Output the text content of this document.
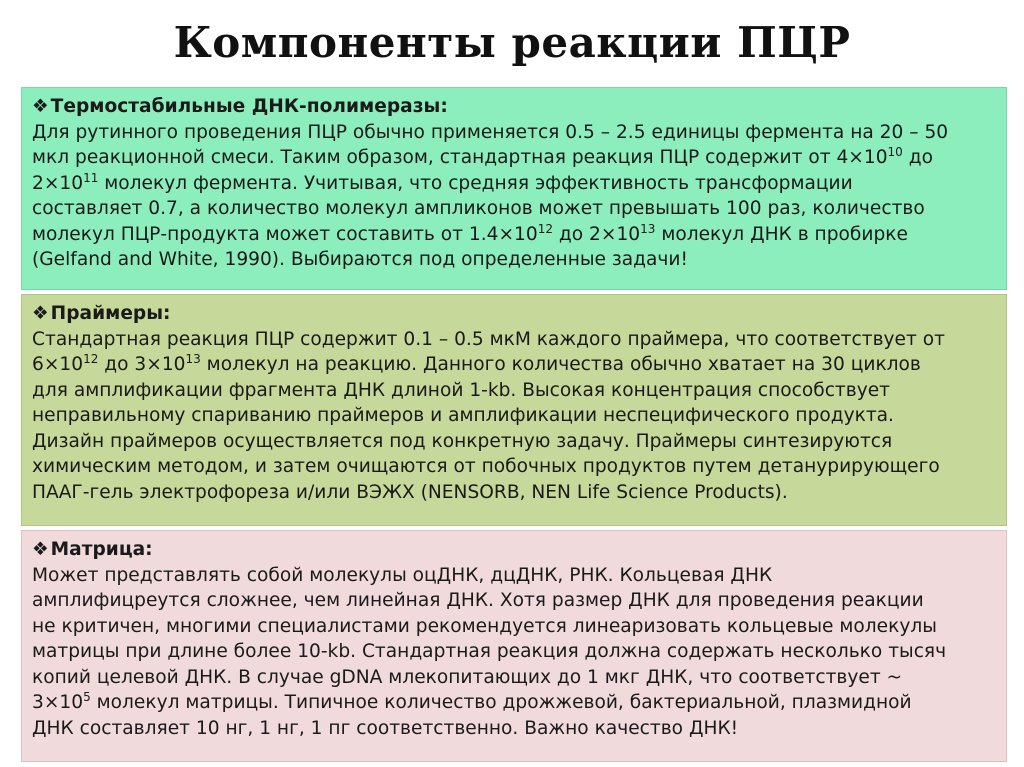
Компоненты реакции ПЦР
❖ Термостабильные ДНК-полимеразы:
Для рутинного проведения ПЦР обычно применяется 0.5 – 2.5 единицы фермента на 20 – 50
мкл реакционной смеси. Таким образом, стандартная реакция ПЦР содержит от $4\times 10^{10}$ до
$2\times 10^{11}$ молекул фермента. Учитывая, что средняя эффективность трансформации
составляет 0.7, а количество молекул ампликонов может превышать 100 раз, количество
молекул ПЦР-продукта может составить от $1.4\times 10^{12}$ до $2\times 10^{13}$ молекул ДНК в пробирке
(Gelfand and White, 1990). Выбираются под определенные задачи!
❖ Праймеры:
Стандартная реакция ПЦР содержит 0.1 – 0.5 мкМ каждого праймера, что соответствует от
$6\times 10^{12}$ до $3\times 10^{13}$ молекул на реакцию. Данного количества обычно хватает на 30 циклов
для амплификации фрагмента ДНК длиной 1-kb. Высокая концентрация способствует
неправильному спариванию праймеров и амплификации неспецифического продукта.
Дизайн праймеров осуществляется под конкретную задачу. Праймеры синтезируются
химическим методом, и затем очищаются от побочных продуктов путем детанурирующего
ПААГ-гель электрофореза и/или ВЭЖХ (NENSORB, NEN Life Science Products).
❖ Матрица:
Может представлять собой молекулы оцДНК, дцДНК, РНК. Кольцевая ДНК
амплифицреутся сложнее, чем линейная ДНК. Хотя размер ДНК для проведения реакции
не критичен, многими специалистами рекомендуется линеаризовать кольцевые молекулы
матрицы при длине более 10-kb. Стандартная реакция должна содержать несколько тысяч
копий целевой ДНК. В случае gDNA млекопитающих до 1 мкг ДНК, что соответствует ~
$3\times 10^5$ молекул матрицы. Типичное количество дрожжевой, бактериальной, плазмидной
ДНК составляет 10 нг, 1 нг, 1 пг соответственно. Важно качество ДНК!
